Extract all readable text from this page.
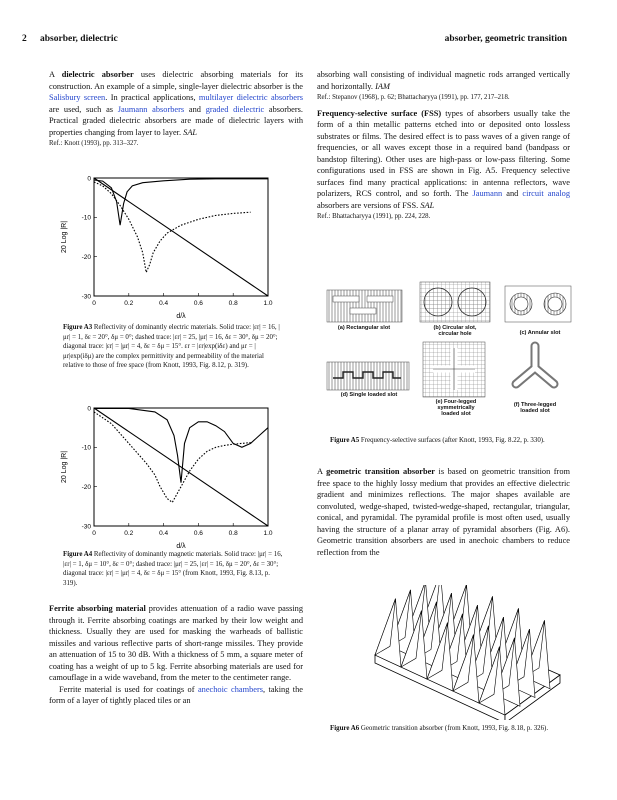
2 absorber, dielectric	absorber, geometric transition

A dielectric absorber uses dielectric absorbing materials for its construction. An example of a simple, single-layer dielectric absorber is the Salisbury screen. In practical applications, multilayer dielectric absorbers are used, such as Jaumann absorbers and graded dielectric absorbers. Practical graded dielectric absorbers are made of dielectric layers with properties changing from layer to layer. SAL

Ref.: Knott (1993), pp. 313–327.

0	0.2	0.4	0.6	0.8	1.0
0
-10
-20
-30
d/λ
20 Log |R|
Figure A3 Reflectivity of dominantly electric materials. Solid trace: |εr| = 16, |μr| = 1, δε = 20°, δμ = 0°; dashed trace: |εr| = 25, |μr| = 16, δε = 30°, δμ = 20°; diagonal trace: |εr| = |μr| = 4, δε = δμ = 15°. εr = |εr|exp(iδε) and μr = |μr|exp(iδμ) are the complex permittivity and permeability of the material relative to those of free space (from Knott, 1993, Fig. 8.12, p. 319).
0	0.2	0.4	0.6	0.8	1.0
0
-10
-20
-30
d/λ
20 Log |R|
Figure A4 Reflectivity of dominantly magnetic materials. Solid trace: |μr| = 16, |εr| = 1, δμ = 10°, δε = 0°; dashed trace: |μr| = 25, |εr| = 16, δμ = 20°, δε = 30°; diagonal trace: |εr| = |μr| = 4, δε = δμ = 15° (from Knott, 1993, Fig. 8.13, p. 319).

Ferrite absorbing material provides attenuation of a radio wave passing through it. Ferrite absorbing coatings are marked by their low weight and thickness. Usually they are used for masking the warheads of ballistic missiles and various reflective parts of short-range missiles. They provide an attenuation of 15 to 30 dB. With a thickness of 5 mm, a square meter of coating has a weight of up to 5 kg. Ferrite absorbing materials are used for camouflage in a wide waveband, from the meter to the centimeter range.

Ferrite material is used for coatings of anechoic chambers, taking the form of a layer of tightly placed tiles or an

absorbing wall consisting of individual magnetic rods arranged vertically and horizontally. IAM

Ref.: Stepanov (1968), p. 62; Bhattacharyya (1991), pp. 177, 217–218.

Frequency-selective surface (FSS) types of absorbers usually take the form of a thin metallic patterns etched into or deposited onto lossless substrates or films. The desired effect is to pass waves of a given range of frequencies, or all waves except those in a required band (bandpass or bandstop filtering). Other uses are high-pass or low-pass filtering. Some configurations used in FSS are shown in Fig. A5. Frequency selective surfaces find many practical applications: in antenna reflectors, wave polarizers, RCS control, and so forth. The Jaumann and circuit analog absorbers are versions of FSS. SAL

Ref.: Bhattacharyya (1991), pp. 224, 228.

(a) Rectangular slot	(b) Circular slot, circular hole	(c) Annular slot
(d) Single loaded slot
(e) Four-legged symmetrically loaded slot
(f) Three-legged loaded slot
Figure A5 Frequency-selective surfaces (after Knott, 1993, Fig. 8.22, p. 330).

A geometric transition absorber is based on geometric transition from free space to the highly lossy medium that provides an effective dielectric gradient and minimizes reflections. The major shapes available are convoluted, wedge-shaped, twisted-wedge-shaped, rectangular, triangular, conical, and pyramidal. The pyramidal profile is most often used, usually having the structure of a planar array of pyramidal absorbers (Fig. A6). Geometric transition absorbers are used in anechoic chambers to reduce reflection from the

Figure A6 Geometric transition absorber (from Knott, 1993, Fig. 8.18, p. 326).
